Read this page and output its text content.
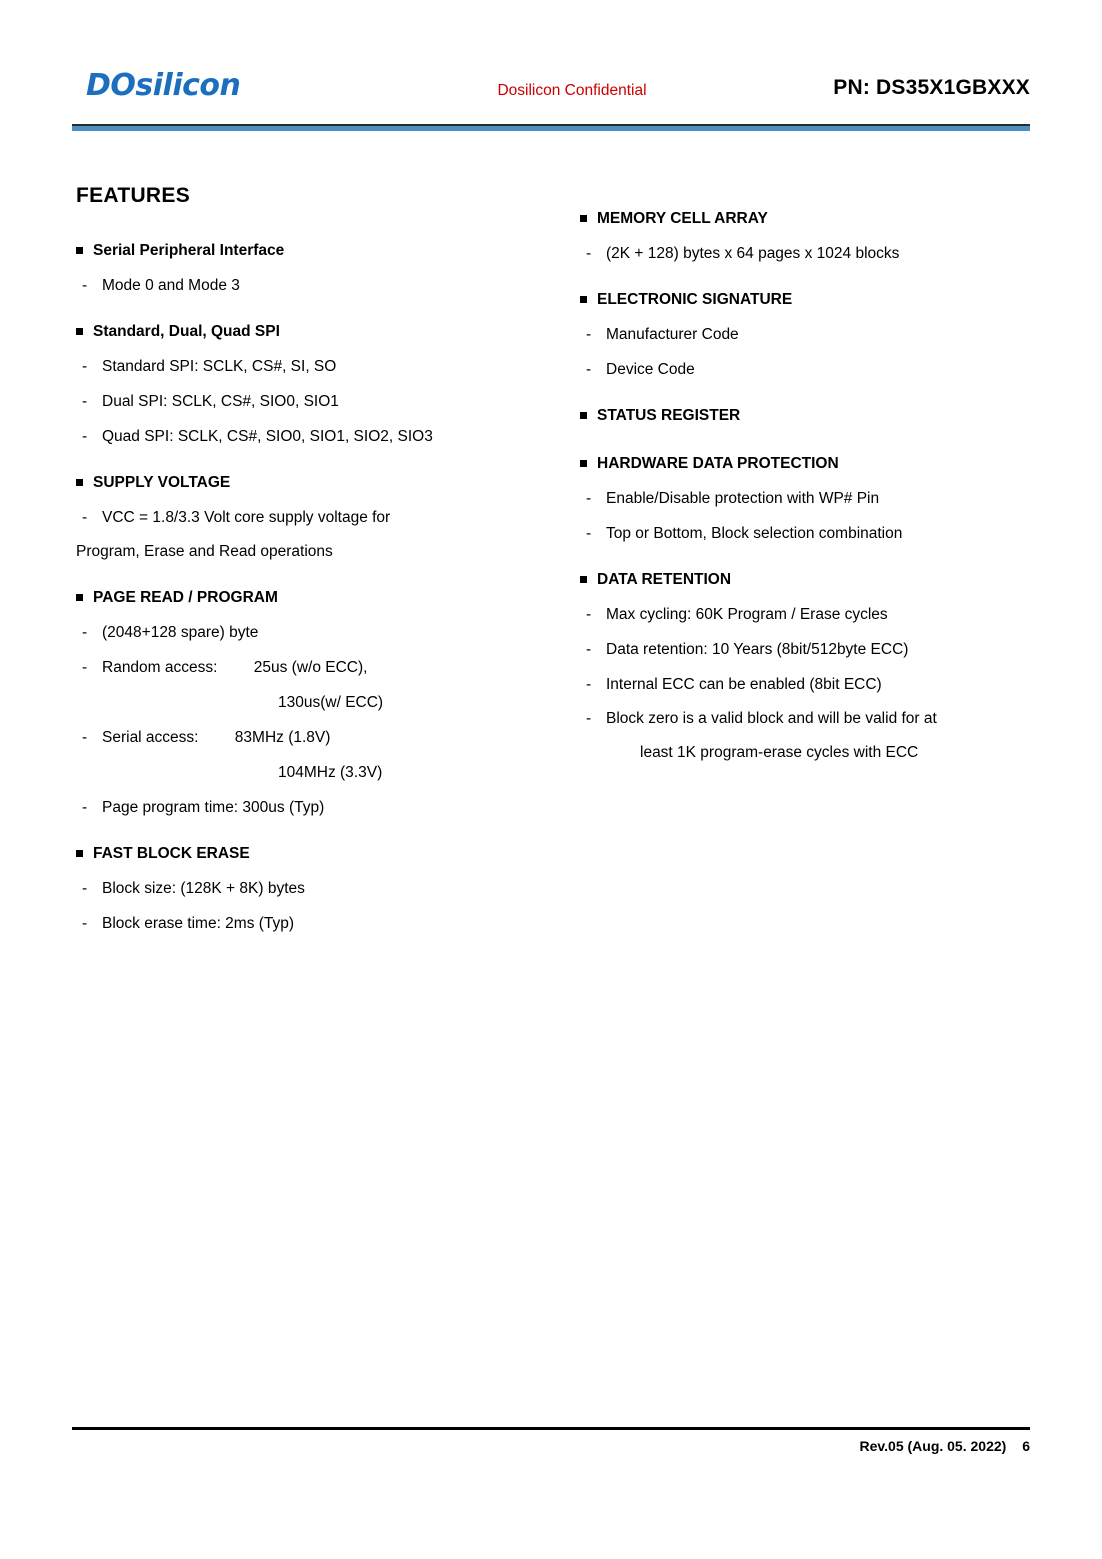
DOsilicon	Dosilicon Confidential	PN: DS35X1GBXXX
FEATURES
Serial Peripheral Interface
- Mode 0 and Mode 3
Standard, Dual, Quad SPI
- Standard SPI: SCLK, CS#, SI, SO
- Dual SPI: SCLK, CS#, SIO0, SIO1
- Quad SPI: SCLK, CS#, SIO0, SIO1, SIO2, SIO3
SUPPLY VOLTAGE
- VCC = 1.8/3.3 Volt core supply voltage for
Program, Erase and Read operations
PAGE READ / PROGRAM
- (2048+128 spare) byte
- Random access: 25us (w/o ECC),
130us(w/ ECC)
- Serial access: 83MHz (1.8V)
104MHz (3.3V)
- Page program time: 300us (Typ)
FAST BLOCK ERASE
- Block size: (128K + 8K) bytes
- Block erase time: 2ms (Typ)
MEMORY CELL ARRAY
- (2K + 128) bytes x 64 pages x 1024 blocks
ELECTRONIC SIGNATURE
- Manufacturer Code
- Device Code
STATUS REGISTER
HARDWARE DATA PROTECTION
- Enable/Disable protection with WP# Pin
- Top or Bottom, Block selection combination
DATA RETENTION
- Max cycling: 60K Program / Erase cycles
- Data retention: 10 Years (8bit/512byte ECC)
- Internal ECC can be enabled (8bit ECC)
- Block zero is a valid block and will be valid for at
least 1K program-erase cycles with ECC
Rev.05 (Aug. 05. 2022) 6
